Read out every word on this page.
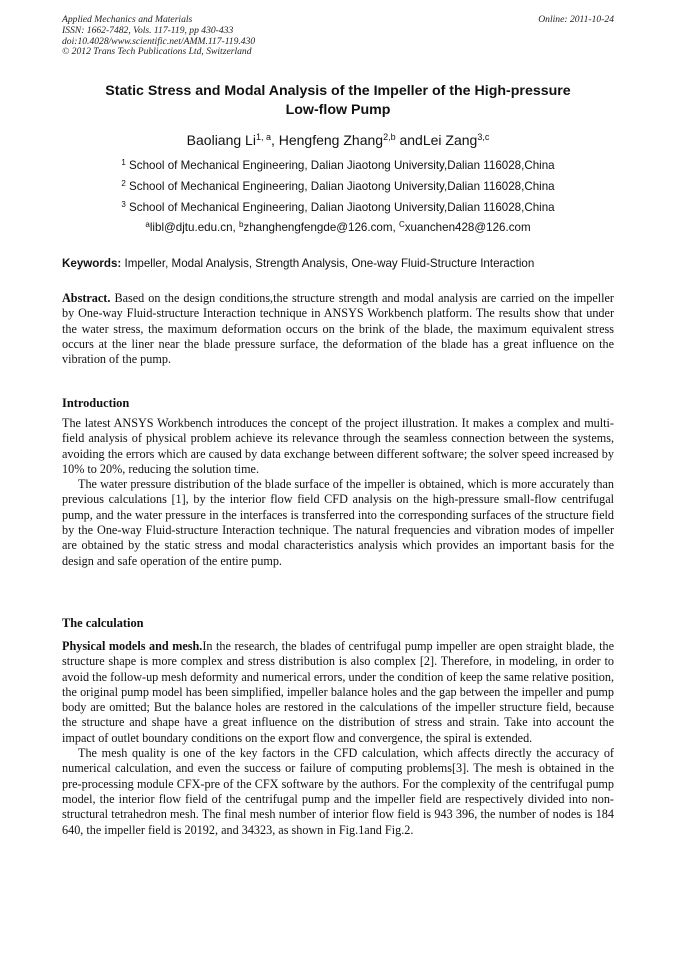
Applied Mechanics and Materials
ISSN: 1662-7482, Vols. 117-119, pp 430-433
doi:10.4028/www.scientific.net/AMM.117-119.430
© 2012 Trans Tech Publications Ltd, Switzerland
Online: 2011-10-24
Static Stress and Modal Analysis of the Impeller of the High-pressure
Low-flow Pump
Baoliang Li$^{1, a}$, Hengfeng Zhang$^{2,b}$ andLei Zang$^{3,c}$
$^1$ School of Mechanical Engineering, Dalian Jiaotong University,Dalian 116028,China
$^2$ School of Mechanical Engineering, Dalian Jiaotong University,Dalian 116028,China
$^3$ School of Mechanical Engineering, Dalian Jiaotong University,Dalian 116028,China
$^a$libl@djtu.edu.cn, $^b$zhanghengfengde@126.com, $^C$xuanchen428@126.com
Keywords: Impeller, Modal Analysis, Strength Analysis, One-way Fluid-Structure Interaction

Abstract. Based on the design conditions,the structure strength and modal analysis are carried on the impeller by One-way Fluid-structure Interaction technique in ANSYS Workbench platform. The results show that under the water stress, the maximum deformation occurs on the brink of the blade, the maximum equivalent stress occurs at the liner near the blade pressure surface, the deformation of the blade has a great influence on the vibration of the pump.

Introduction

The latest ANSYS Workbench introduces the concept of the project illustration. It makes a complex and multi-field analysis of physical problem achieve its relevance through the seamless connection between the systems, avoiding the errors which are caused by data exchange between different software; the solver speed increased by 10% to 20%, reducing the solution time.

The water pressure distribution of the blade surface of the impeller is obtained, which is more accurately than previous calculations [1], by the interior flow field CFD analysis on the high-pressure small-flow centrifugal pump, and the water pressure in the interfaces is transferred into the corresponding surfaces of the structure field by the One-way Fluid-structure Interaction technique. The natural frequencies and vibration modes of impeller are obtained by the static stress and modal characteristics analysis which provides an important basis for the design and safe operation of the entire pump.

The calculation

Physical models and mesh.In the research, the blades of centrifugal pump impeller are open straight blade, the structure shape is more complex and stress distribution is also complex [2]. Therefore, in modeling, in order to avoid the follow-up mesh deformity and numerical errors, under the condition of keep the same relative position, the original pump model has been simplified, impeller balance holes and the gap between the impeller and pump body are omitted; But the balance holes are restored in the calculations of the impeller structure field, because the structure and shape have a great influence on the distribution of stress and strain. Take into account the impact of outlet boundary conditions on the export flow and convergence, the spiral is extended.

The mesh quality is one of the key factors in the CFD calculation, which affects directly the accuracy of numerical calculation, and even the success or failure of computing problems[3]. The mesh is obtained in the pre-processing module CFX-pre of the CFX software by the authors. For the complexity of the centrifugal pump model, the interior flow field of the centrifugal pump and the impeller field are respectively divided into non-structural tetrahedron mesh. The final mesh number of interior flow field is 943 396, the number of nodes is 184 640, the impeller field is 20192, and 34323, as shown in Fig.1and Fig.2.
